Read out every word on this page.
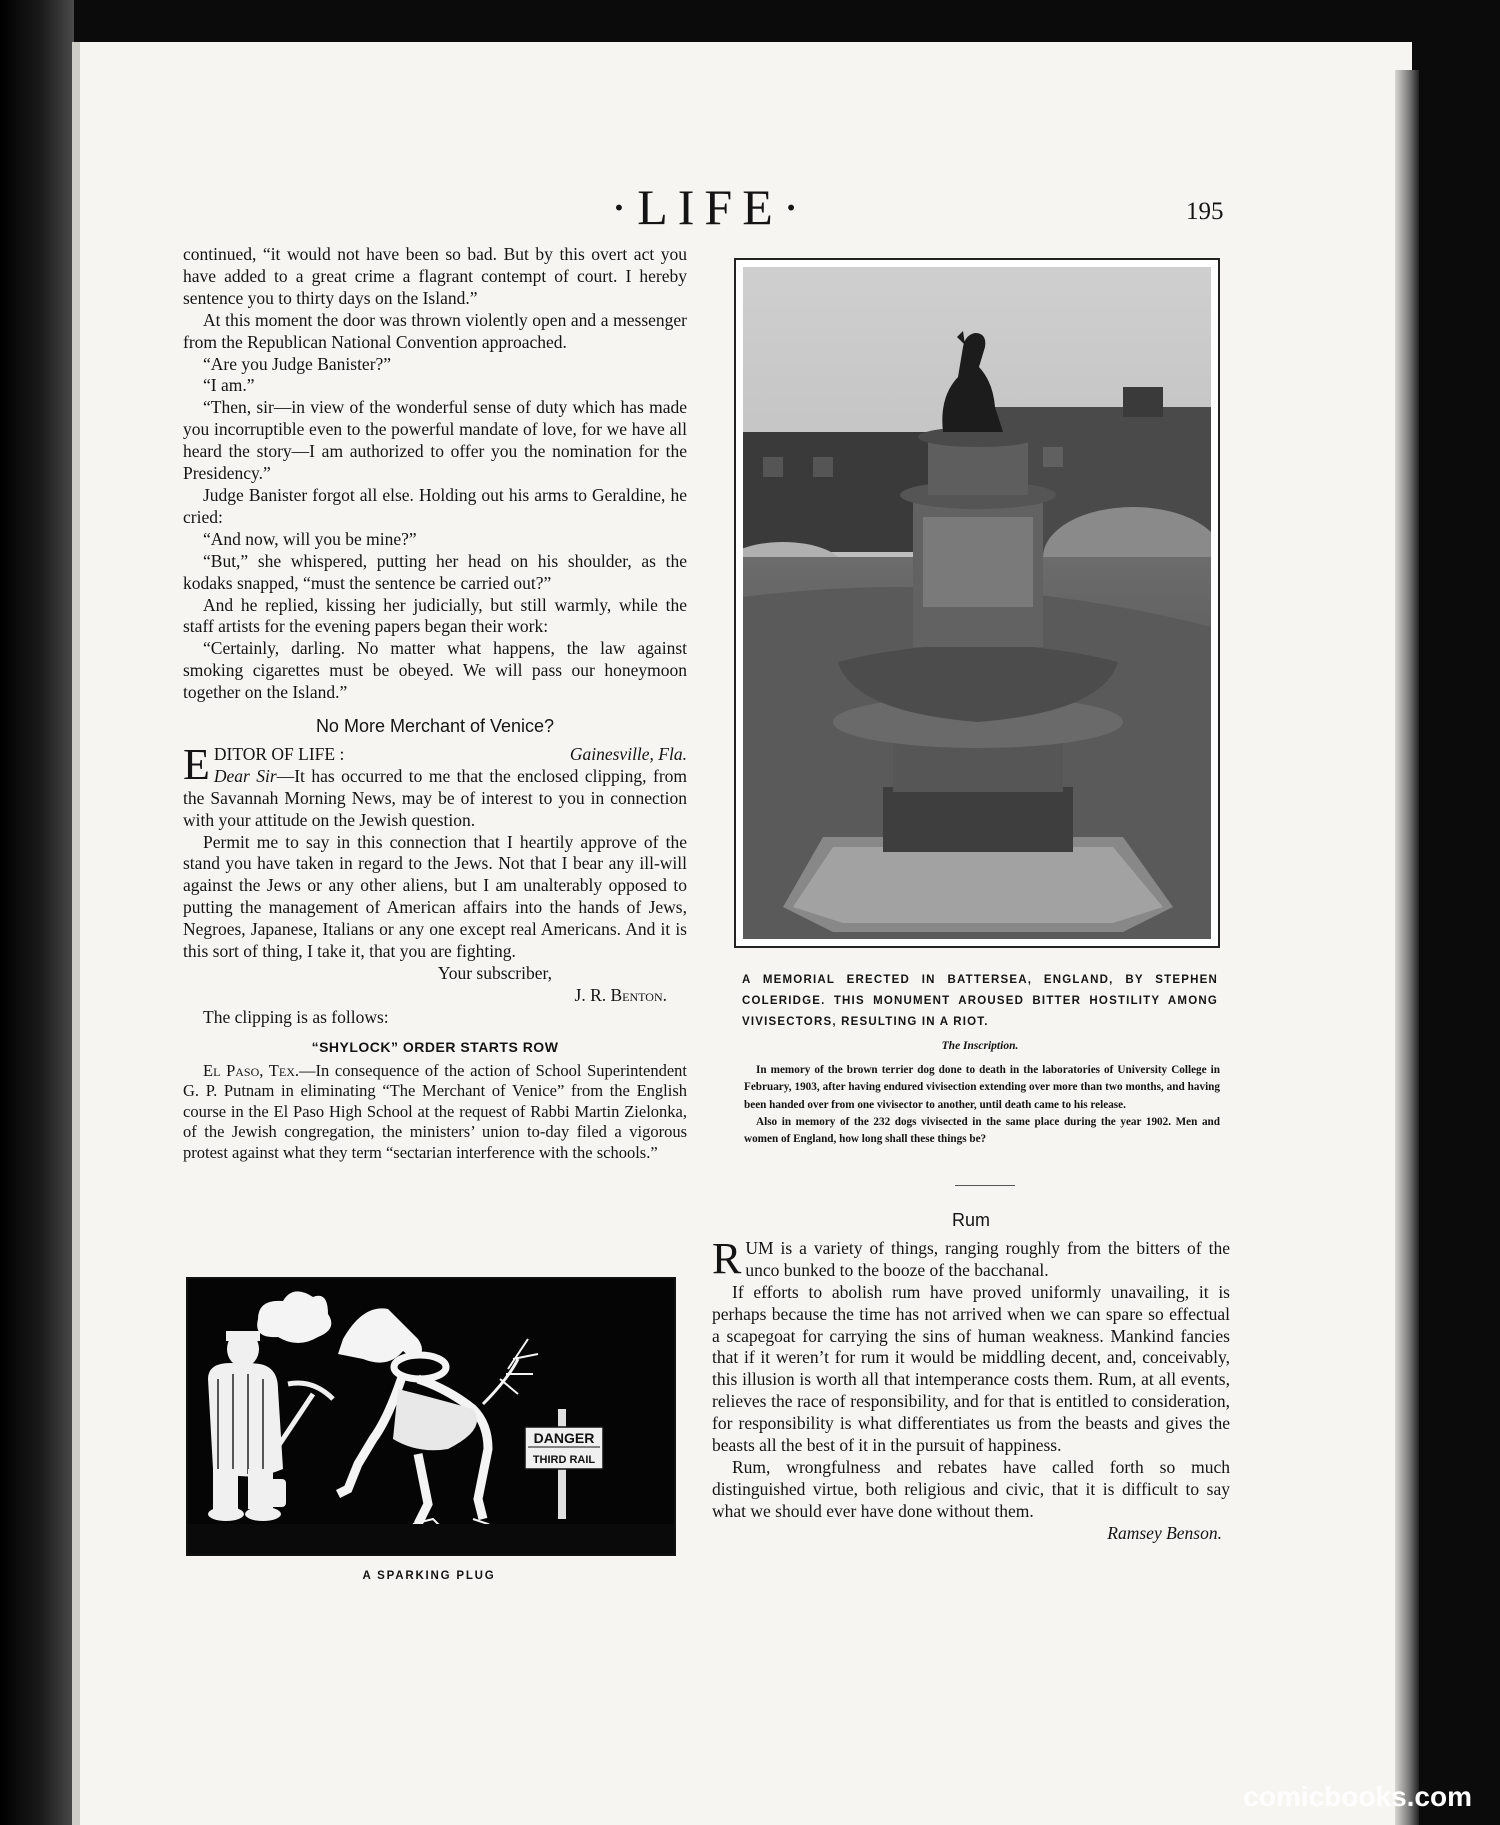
·LIFE·	195

continued, “it would not have been so bad. But by this overt act you have added to a great crime a flagrant contempt of court. I hereby sentence you to thirty days on the Island.”

At this moment the door was thrown violently open and a messenger from the Republican National Convention approached.

“Are you Judge Banister?”

“I am.”

“Then, sir—in view of the wonderful sense of duty which has made you incorruptible even to the powerful mandate of love, for we have all heard the story—I am authorized to offer you the nomination for the Presidency.”

Judge Banister forgot all else. Holding out his arms to Geraldine, he cried:

“And now, will you be mine?”

“But,” she whispered, putting her head on his shoulder, as the kodaks snapped, “must the sentence be carried out?”

And he replied, kissing her judicially, but still warmly, while the staff artists for the evening papers began their work:

“Certainly, darling. No matter what happens, the law against smoking cigarettes must be obeyed. We will pass our honeymoon together on the Island.”

No More Merchant of Venice?
E DITOR OF LIFE :	Gainesville, Fla.

Dear Sir—It has occurred to me that the enclosed clipping, from the Savannah Morning News, may be of interest to you in connection with your attitude on the Jewish question.

Permit me to say in this connection that I heartily approve of the stand you have taken in regard to the Jews. Not that I bear any ill-will against the Jews or any other aliens, but I am unalterably opposed to putting the management of American affairs into the hands of Jews, Negroes, Japanese, Italians or any one except real Americans. And it is this sort of thing, I take it, that you are fighting.

Your subscriber,

J. R. Benton.

The clipping is as follows:

“SHYLOCK” ORDER STARTS ROW

El Paso, Tex.—In consequence of the action of School Superintendent G. P. Putnam in eliminating “The Merchant of Venice” from the English course in the El Paso High School at the request of Rabbi Martin Zielonka, of the Jewish congregation, the ministers’ union to-day filed a vigorous protest against what they term “sectarian interference with the schools.”

A MEMORIAL ERECTED IN BATTERSEA, ENGLAND, BY STEPHEN COLERIDGE. THIS MONUMENT AROUSED BITTER HOSTILITY AMONG VIVISECTORS, RESULTING IN A RIOT.
The Inscription.

In memory of the brown terrier dog done to death in the laboratories of University College in February, 1903, after having endured vivisection extending over more than two months, and having been handed over from one vivisector to another, until death came to his release.

Also in memory of the 232 dogs vivisected in the same place during the year 1902. Men and women of England, how long shall these things be?

Rum

RUM is a variety of things, ranging roughly from the bitters of the unco bunked to the booze of the bacchanal.

If efforts to abolish rum have proved uniformly unavailing, it is perhaps because the time has not arrived when we can spare so effectual a scapegoat for carrying the sins of human weakness. Mankind fancies that if it weren’t for rum it would be middling decent, and, conceivably, this illusion is worth all that intemperance costs them. Rum, at all events, relieves the race of responsibility, and for that is entitled to consideration, for responsibility is what differentiates us from the beasts and gives the beasts all the best of it in the pursuit of happiness.

Rum, wrongfulness and rebates have called forth so much distinguished virtue, both religious and civic, that it is difficult to say what we should ever have done without them.

Ramsey Benson.

DANGER
THIRD RAIL
A SPARKING PLUG
comicbooks.com
